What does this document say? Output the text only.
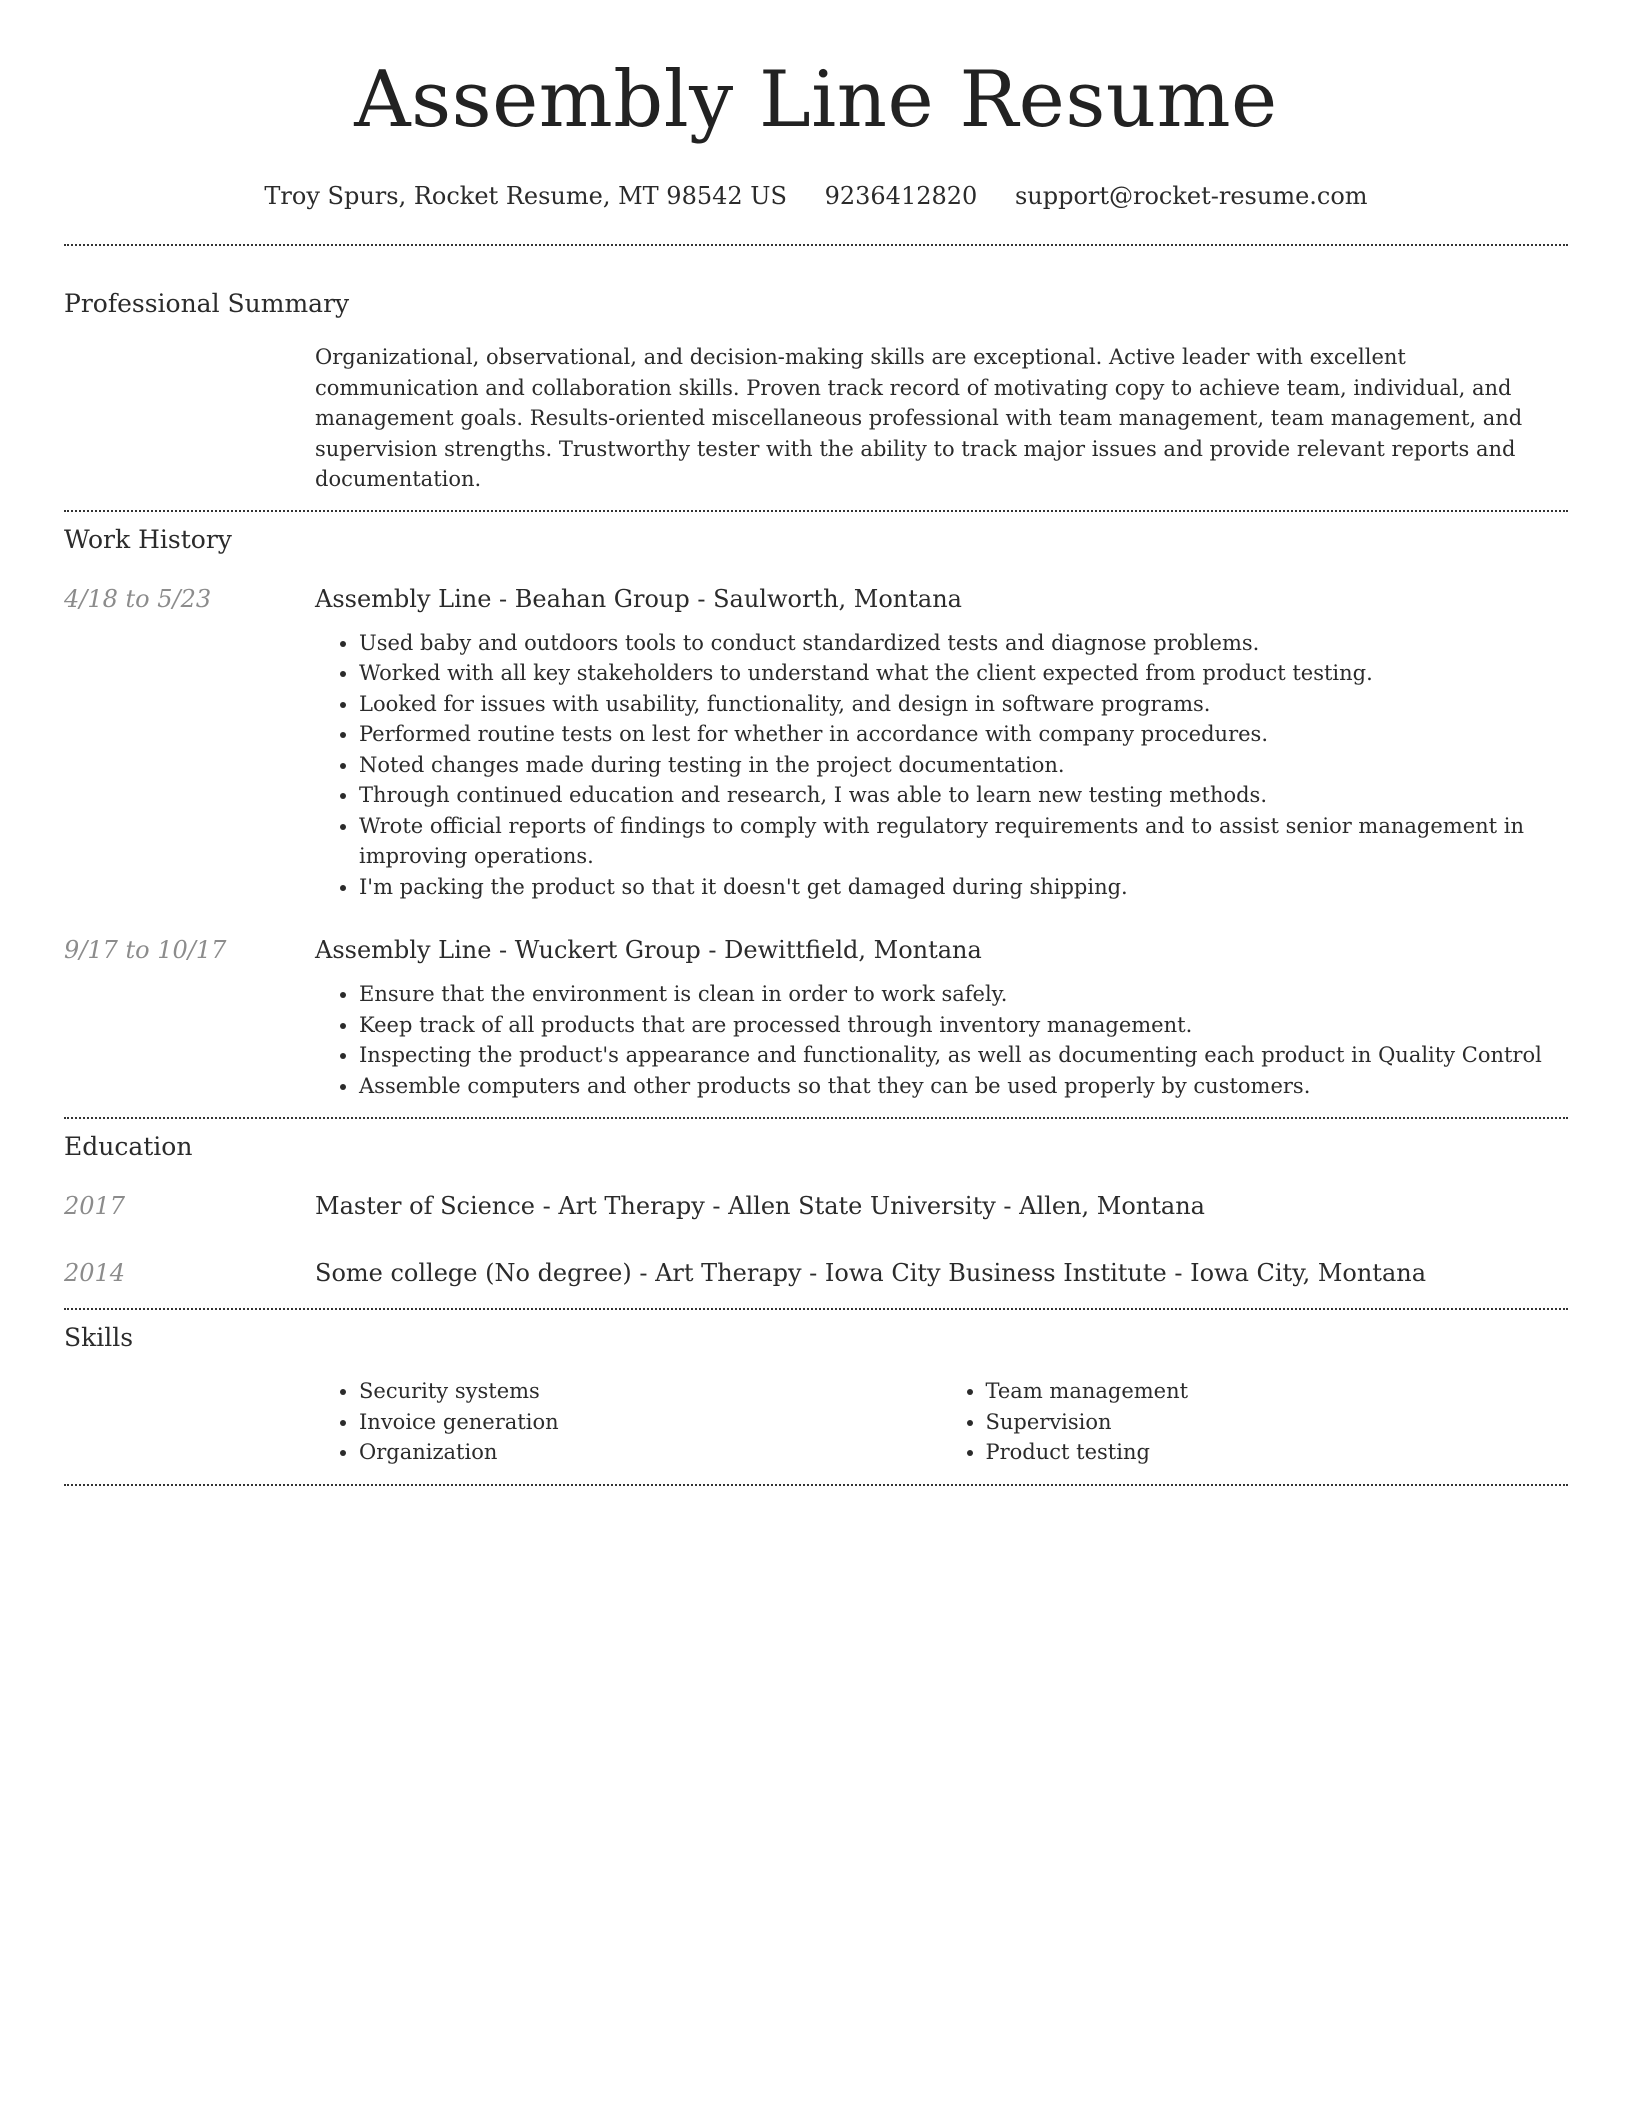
Assembly Line Resume
Troy Spurs, Rocket Resume, MT 98542 US 9236412820 support@rocket-resume.com
Professional Summary
Organizational, observational, and decision-making skills are exceptional. Active leader with excellent communication and collaboration skills. Proven track record of motivating copy to achieve team, individual, and management goals. Results-oriented miscellaneous professional with team management, team management, and supervision strengths. Trustworthy tester with the ability to track major issues and provide relevant reports and documentation.
Work History
4/18 to 5/23	Assembly Line - Beahan Group - Saulworth, Montana
• Used baby and outdoors tools to conduct standardized tests and diagnose problems.
• Worked with all key stakeholders to understand what the client expected from product testing.
• Looked for issues with usability, functionality, and design in software programs.
• Performed routine tests on lest for whether in accordance with company procedures.
• Noted changes made during testing in the project documentation.
• Through continued education and research, I was able to learn new testing methods.
• Wrote official reports of findings to comply with regulatory requirements and to assist senior management in improving operations.
• I'm packing the product so that it doesn't get damaged during shipping.
9/17 to 10/17	Assembly Line - Wuckert Group - Dewittfield, Montana
• Ensure that the environment is clean in order to work safely.
• Keep track of all products that are processed through inventory management.
• Inspecting the product's appearance and functionality, as well as documenting each product in Quality Control
• Assemble computers and other products so that they can be used properly by customers.
Education
2017	Master of Science - Art Therapy - Allen State University - Allen, Montana
2014	Some college (No degree) - Art Therapy - Iowa City Business Institute - Iowa City, Montana
Skills
• Security systems
• Invoice generation
• Organization
• Team management
• Supervision
• Product testing
